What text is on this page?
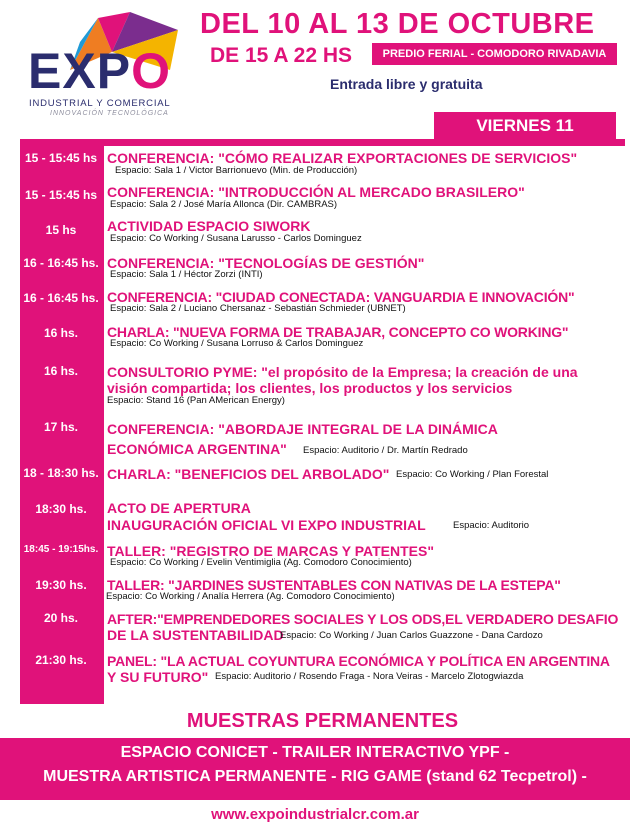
EXPO
INDUSTRIAL Y COMERCIAL
INNOVACIÓN TECNOLÓGICA
DEL 10 AL 13 DE OCTUBRE
DE 15 A 22 HS	PREDIO FERIAL - COMODORO RIVADAVIA
Entrada libre y gratuita
VIERNES 11
15 - 15:45 hs CONFERENCIA: "CÓMO REALIZAR EXPORTACIONES DE SERVICIOS"
Espacio: Sala 1 / Victor Barrionuevo (Min. de Producción)
15 - 15:45 hs CONFERENCIA: "INTRODUCCIÓN AL MERCADO BRASILERO"
Espacio: Sala 2 / José María Allonca (Dir. CAMBRAS)
15 hs	ACTIVIDAD ESPACIO SIWORK
Espacio: Co Working / Susana Larusso - Carlos Dominguez
16 - 16:45 hs. CONFERENCIA: "TECNOLOGÍAS DE GESTIÓN"
Espacio: Sala 1 / Héctor Zorzi (INTI)
16 - 16:45 hs. CONFERENCIA: "CIUDAD CONECTADA: VANGUARDIA E INNOVACIÓN"
Espacio: Sala 2 / Luciano Chersanaz - Sebastián Schmieder (UBNET)
16 hs.	CHARLA: "NUEVA FORMA DE TRABAJAR, CONCEPTO CO WORKING"
Espacio: Co Working / Susana Lorruso & Carlos Dominguez
16 hs.	CONSULTORIO PYME: "el propósito de la Empresa; la creación de una
visión compartida; los clientes, los productos y los servicios
Espacio: Stand 16 (Pan AMerican Energy)
17 hs.	CONFERENCIA: "ABORDAJE INTEGRAL DE LA DINÁMICA
ECONÓMICA ARGENTINA" Espacio: Auditorio / Dr. Martín Redrado
18 - 18:30 hs. CHARLA: "BENEFICIOS DEL ARBOLADO" Espacio: Co Working / Plan Forestal
18:30 hs.	ACTO DE APERTURA
INAUGURACIÓN OFICIAL VI EXPO INDUSTRIAL	Espacio: Auditorio
18:45 - 19:15hs. TALLER: "REGISTRO DE MARCAS Y PATENTES"
Espacio: Co Working / Evelin Ventimiglia (Ag. Comodoro Conocimiento)
19:30 hs.	TALLER: "JARDINES SUSTENTABLES CON NATIVAS DE LA ESTEPA"
Espacio: Co Working / Analía Herrera (Ag. Comodoro Conocimiento)
20 hs.	AFTER:"EMPRENDEDORES SOCIALES Y LOS ODS,EL VERDADERO DESAFIO
DE LA SUSTENTABILIDAD
Espacio: Co Working / Juan Carlos Guazzone - Dana Cardozo
21:30 hs.	PANEL: "LA ACTUAL COYUNTURA ECONÓMICA Y POLÍTICA EN ARGENTINA
Y SU FUTURO" Espacio: Auditorio / Rosendo Fraga - Nora Veiras - Marcelo Zlotogwiazda
MUESTRAS PERMANENTES
ESPACIO CONICET - TRAILER INTERACTIVO YPF -
MUESTRA ARTISTICA PERMANENTE - RIG GAME (stand 62 Tecpetrol) -
www.expoindustrialcr.com.ar
